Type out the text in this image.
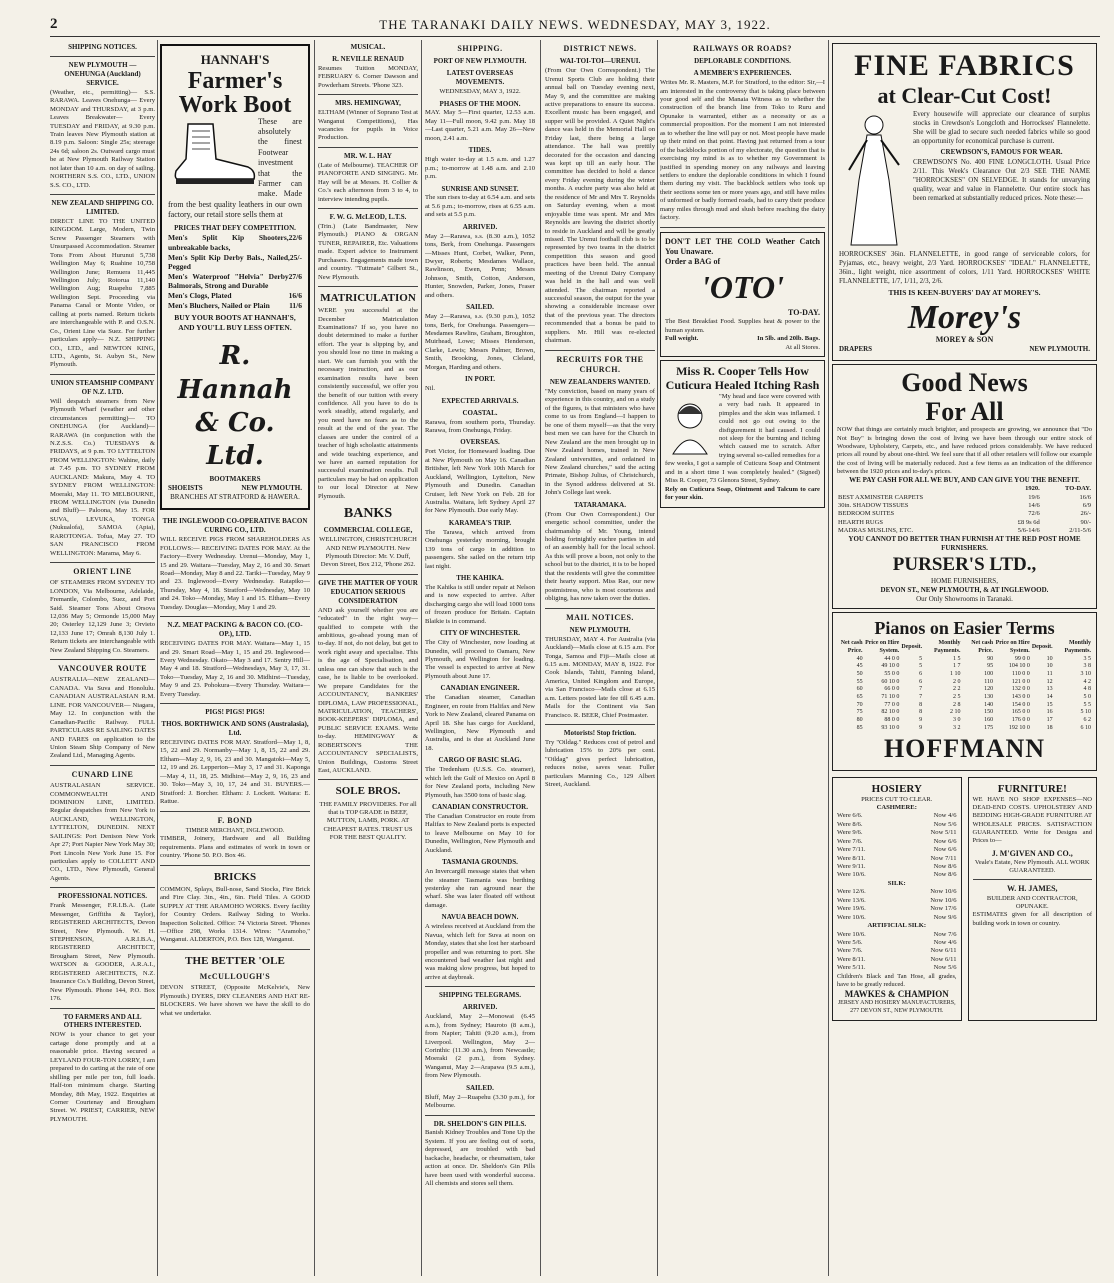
2	THE TARANAKI DAILY NEWS. WEDNESDAY, MAY 3, 1922.
SHIPPING NOTICES.
NEW PLYMOUTH — ONEHUNGA (Auckland) SERVICE.
(Weather, etc., permitting)— S.S. RARAWA. Leaves Onehunga— Every MONDAY and THURSDAY, at 3 p.m. Leaves Breakwater— Every TUESDAY and FRIDAY, at 9.30 p.m. Train leaves New Plymouth station at 8.19 p.m. Saloon: Single 25s; steerage 24s 6d; saloon 2s. Outward cargo must be at New Plymouth Railway Station not later than 10 a.m. on day of sailing. NORTHERN S.S. CO., LTD., UNION S.S. CO., LTD.
NEW ZEALAND SHIPPING CO. LIMITED.
DIRECT LINE TO THE UNITED KINGDOM. Large, Modern, Twin Screw Passenger Steamers with Unsurpassed Accommodation. Steamer Tons From About Hurunui 5,738 Wellington May 6; Ruahine 10,758 Wellington June; Remuera 11,445 Wellington July; Rotorua 11,140 Wellington Aug; Ruapehu 7,885 Wellington Sept. Proceeding via Panama Canal or Monte Video, or calling at ports named. Return tickets are interchangeable with P. and O.S.N. Co., Orient Line via Suez. For further particulars apply— N.Z. SHIPPING CO., LTD., and NEWTON KING, LTD., Agents, St. Aubyn St., New Plymouth.
UNION STEAMSHIP COMPANY OF N.Z. LTD.
Will despatch steamers from New Plymouth Wharf (weather and other circumstances permitting)— TO ONEHUNGA (for Auckland)— RARAWA (in conjunction with the N.Z.S.S. Co.) TUESDAYS & FRIDAYS, at 9 p.m. TO LYTTELTON FROM WELLINGTON: Wahine, daily at 7.45 p.m. TO SYDNEY FROM AUCKLAND: Makura, May 4. TO SYDNEY FROM WELLINGTON: Moeraki, May 11. TO MELBOURNE, FROM WELLINGTON (via Dunedin and Bluff)— Paloona, May 15. FOR SUVA, LEVUKA, TONGA (Nukualofa), SAMOA (Apia), RAROTONGA. Tofua, May 27. TO SAN FRANCISCO FROM WELLINGTON: Marama, May 6.
ORIENT LINE
OF STEAMERS FROM SYDNEY TO LONDON, Via Melbourne, Adelaide, Fremantle, Colombo, Suez, and Port Said. Steamer Tons About Orsova 12,036 May 5; Ormonde 15,000 May 20; Osterley 12,129 June 3; Orvieto 12,133 June 17; Omrah 8,130 July 1. Return tickets are interchangeable with New Zealand Shipping Co. Steamers.
VANCOUVER ROUTE
AUSTRALIA—NEW ZEALAND—CANADA. Via Suva and Honolulu. CANADIAN AUSTRALASIAN R.M. LINE. FOR VANCOUVER— Niagara, May 12. In conjunction with the Canadian-Pacific Railway. FULL PARTICULARS RE SAILING DATES AND FARES on application to the Union Steam Ship Company of New Zealand Ltd., Managing Agents.
CUNARD LINE
AUSTRALASIAN SERVICE. COMMONWEALTH AND DOMINION LINE, LIMITED. Regular despatches from New York to AUCKLAND, WELLINGTON, LYTTELTON, DUNEDIN. NEXT SAILINGS: Port Denison New York Apr 27; Port Napier New York May 30; Port Lincoln New York June 15. For particulars apply to COLLETT AND CO., LTD., New Plymouth, General Agents.
PROFESSIONAL NOTICES.
Frank Messenger, F.R.I.B.A. (Late Messenger, Griffiths & Taylor), REGISTERED ARCHITECTS, Devon Street, New Plymouth. W. H. STEPHENSON, A.R.I.B.A., REGISTERED ARCHITECT, Brougham Street, New Plymouth. WATSON & GOODER, A.R.A.I., REGISTERED ARCHITECTS, N.Z. Insurance Co.'s Building, Devon Street, New Plymouth. Phone 144, P.O. Box 176.
TO FARMERS AND ALL OTHERS INTERESTED.
NOW is your chance to get your cartage done promptly and at a reasonable price. Having secured a LEYLAND FOUR-TON LORRY, I am prepared to do carting at the rate of one shilling per mile per ton, full loads. Half-ton minimum charge. Starting Monday, 8th May, 1922. Enquiries at Corner Courtenay and Brougham Street. W. PRIEST, CARRIER, NEW PLYMOUTH.
HANNAH'S
Farmer's
Work Boot
These are absolutely the finest Footwear investment that the Farmer can make. Made from the best quality leathers in our own factory, our retail store sells them at
PRICES THAT DEFY COMPETITION.
Men's Split Kip Shooters, unbreakable backs,
22/6
Men's Split Kip Derby Bals., Nailed, Pegged
25/-
Men's Waterproof "Helvia" Derby Balmorals, Strong and Durable
27/6
Men's Clogs, Plated	16/6
Men's Bluchers, Nailed or Plain	11/6
BUY YOUR BOOTS AT HANNAH'S, AND YOU'LL BUY LESS OFTEN.
R. Hannah & Co. Ltd.
BOOTMAKERS
SHOEISTS	NEW PLYMOUTH.
BRANCHES AT STRATFORD & HAWERA.
THE INGLEWOOD CO-OPERATIVE BACON CURING CO., LTD.
WILL RECEIVE PIGS FROM SHAREHOLDERS AS FOLLOWS:— RECEIVING DATES FOR MAY. At the Factory—Every Wednesday. Urenui—Monday, May 1, 15 and 29. Waitara—Tuesday, May 2, 16 and 30. Smart Road—Monday, May 8 and 22. Tariki—Tuesday, May 9 and 23. Inglewood—Every Wednesday. Ratapiko—Thursday, May 4, 18. Stratford—Wednesday, May 10 and 24. Toko—Monday, May 1 and 15. Eltham—Every Tuesday. Douglas—Monday, May 1 and 29.
N.Z. MEAT PACKING & BACON CO. (CO-OP.), LTD.
RECEIVING DATES FOR MAY. Waitara—May 1, 15 and 29. Smart Road—May 1, 15 and 29. Inglewood—Every Wednesday. Okato—May 3 and 17. Sentry Hill—May 4 and 18. Stratford—Wednesdays, May 3, 17, 31. Toko—Tuesday, May 2, 16 and 30. Midhirst—Tuesday, May 9 and 23. Pohokura—Every Thursday. Waitara—Every Tuesday.
PIGS! PIGS! PIGS!
THOS. BORTHWICK AND SONS (Australasia), Ltd.
RECEIVING DATES FOR MAY. Stratford—May 1, 8, 15, 22 and 29. Normanby—May 1, 8, 15, 22 and 29. Eltham—May 2, 9, 16, 23 and 30. Mangatoki—May 5, 12, 19 and 26. Lepperton—May 3, 17 and 31. Kaponga—May 4, 11, 18, 25. Midhirst—May 2, 9, 16, 23 and 30. Toko—May 3, 10, 17, 24 and 31. BUYERS.— Stratford: J. Borcher. Eltham: J. Lockett. Waitara: E. Rattue.
F. BOND
TIMBER MERCHANT, INGLEWOOD.
TIMBER, Joinery, Hardware and all Building requirements. Plans and estimates of work in town or country. 'Phone 50. P.O. Box 46.
BRICKS
COMMON, Splays, Bull-nose, Sand Stocks, Fire Brick and Fire Clay. 3in., 4in., 6in. Field Tiles. A GOOD SUPPLY AT THE ARAMOHO WORKS. Every facility for Country Orders. Railway Siding to Works. Inspection Solicited. Office: 74 Victoria Street. 'Phones—Office 298, Works 1314. Wires: "Aramoho," Wanganui. ALDERTON, P.O. Box 128, Wanganui.
THE BETTER 'OLE
McCULLOUGH'S
DEVON STREET, (Opposite McKelvie's, New Plymouth.) DYERS, DRY CLEANERS AND HAT RE-BLOCKERS. We have shown we have the skill to do what we undertake.
MUSICAL.
R. NEVILLE RENAUD
Resumes Tuition MONDAY, FEBRUARY 6. Corner Dawson and Powderham Streets. 'Phone 323.
MRS. HEMINGWAY,
ELTHAM (Winner of Soprano Test at Wanganui Competitions), Has vacancies for pupils in Voice Production.
MR. W. L. HAY
(Late of Melbourne). TEACHER OF PIANOFORTE AND SINGING. Mr. Hay will be at Messrs. H. Collier & Co.'s each afternoon from 3 to 4, to interview intending pupils.
F. W. G. McLEOD, L.T.S.
(Trin.) (Late Bandmaster, New Plymouth.) PIANO & ORGAN TUNER, REPAIRER, Etc. Valuations made. Expert advice to Instrument Purchasers. Engagements made town and country. "Tuttmate" Gilbert St., New Plymouth.
MATRICULATION
WERE you successful at the December Matriculation Examinations? If so, you have no doubt determined to make a further effort. The year is slipping by, and you should lose no time in making a start. We can furnish you with the necessary instruction, and as our examination results have been consistently successful, we offer you the benefit of our tuition with every confidence. All you have to do is work steadily, attend regularly, and you need have no fears as to the result at the end of the year. The classes are under the control of a teacher of high scholastic attainments and wide teaching experience, and we have an earned reputation for successful examination results. Full particulars may be had on application to our local Director at New Plymouth.
BANKS
COMMERCIAL COLLEGE,
WELLINGTON, CHRISTCHURCH AND NEW PLYMOUTH. New Plymouth Director: Mr. V. Duff, Devon Street, Box 212, 'Phone 262.
GIVE THE MATTER OF YOUR EDUCATION SERIOUS CONSIDERATION
AND ask yourself whether you are "educated" in the right way—qualified to compete with the ambitious, go-ahead young man of to-day. If not, do not delay, but get to work right away and specialise. This is the age of Specialisation, and unless one can show that such is the case, he is liable to be overlooked. We prepare Candidates for the ACCOUNTANCY, BANKERS' DIPLOMA, LAW PROFESSIONAL, MATRICULATION, TEACHERS', BOOK-KEEPERS' DIPLOMA, and PUBLIC SERVICE EXAMS. Write to-day. HEMINGWAY & ROBERTSON'S THE ACCOUNTANCY SPECIALISTS, Union Buildings, Customs Street East, AUCKLAND.
SOLE BROS.
THE FAMILY PROVIDERS. For all that is TOP GRADE in BEEF, MUTTON, LAMB, PORK. AT CHEAPEST RATES. TRUST US FOR THE BEST QUALITY.
SHIPPING.
PORT OF NEW PLYMOUTH.
LATEST OVERSEAS MOVEMENTS.
WEDNESDAY, MAY 3, 1922.
PHASES OF THE MOON.
MAY. May 5—First quarter, 12.53 a.m. May 11—Full moon, 9.42 p.m. May 18—Last quarter, 5.21 a.m. May 26—New moon, 2.41 a.m.
TIDES.
High water to-day at 1.5 a.m. and 1.27 p.m.; to-morrow at 1.48 a.m. and 2.10 p.m.
SUNRISE AND SUNSET.
The sun rises to-day at 6.54 a.m. and sets at 5.6 p.m.; to-morrow, rises at 6.55 a.m. and sets at 5.5 p.m.
ARRIVED.
May 2—Rarawa, s.s. (8.30 a.m.), 1052 tons, Berk, from Onehunga. Passengers—Misses Hunt, Corbet, Walker, Penn, Dwyer, Roberts; Mesdames Wallace, Rawlinson, Ewen, Penn; Messrs Johnson, Smith, Cotton, Anderson, Hunter, Snowden, Parker, Jones, Fraser and others.
SAILED.
May 2—Rarawa, s.s. (9.30 p.m.), 1052 tons, Berk, for Onehunga. Passengers—Mesdames Rawlins, Graham, Broughton, Muirhead, Lowe; Misses Henderson, Clarke, Lewis; Messrs Palmer, Brown, Smith, Brooking, Jones, Cleland, Morgan, Harding and others.
IN PORT.
Nil.
EXPECTED ARRIVALS.
COASTAL.
Rarawa, from southern ports, Thursday. Rarawa, from Onehunga, Friday.
OVERSEAS.
Port Victor, for Homeward loading. Due at New Plymouth on May 16. Canadian Britisher, left New York 10th March for Auckland, Wellington, Lyttelton, New Plymouth and Dunedin. Canadian Cruiser, left New York on Feb. 28 for Australia. Waitara, left Sydney April 27 for New Plymouth. Due early May.
KARAMEA'S TRIP.
The Tarawa, which arrived from Onehunga yesterday morning, brought 139 tons of cargo in addition to passengers. She sailed on the return trip last night.
THE KAHIKA.
The Kahika is still under repair at Nelson and is now expected to arrive. After discharging cargo she will load 1000 tons of frozen produce for Britain. Captain Blaikie is in command.
CITY OF WINCHESTER.
The City of Winchester, now loading at Dunedin, will proceed to Oamaru, New Plymouth, and Wellington for loading. The vessel is expected to arrive at New Plymouth about June 17.
CANADIAN ENGINEER.
The Canadian steamer, Canadian Engineer, en route from Halifax and New York to New Zealand, cleared Panama on April 18. She has cargo for Auckland, Wellington, New Plymouth and Australia, and is due at Auckland June 18.
CARGO OF BASIC SLAG.
The Tredenham (U.S.S. Co. steamer), which left the Gulf of Mexico on April 8 for New Zealand ports, including New Plymouth, has 3500 tons of basic slag.
CANADIAN CONSTRUCTOR.
The Canadian Constructor en route from Halifax to New Zealand ports is expected to leave Melbourne on May 10 for Dunedin, Wellington, New Plymouth and Auckland.
TASMANIA GROUNDS.
An Invercargill message states that when the steamer Tasmania was berthing yesterday she ran aground near the wharf. She was later floated off without damage.
NAVUA BEACH DOWN.
A wireless received at Auckland from the Navua, which left for Suva at noon on Monday, states that she lost her starboard propeller and was returning to port. She encountered bad weather last night and was making slow progress, but hoped to arrive at daybreak.
SHIPPING TELEGRAMS.
ARRIVED.
Auckland, May 2—Monowai (6.45 a.m.), from Sydney; Hauroto (8 a.m.), from Napier; Tahiti (9.20 a.m.), from Liverpool. Wellington, May 2—Corinthic (11.30 a.m.), from Newcastle; Moeraki (2 p.m.), from Sydney. Wanganui, May 2—Arapawa (9.5 a.m.), from New Plymouth.
SAILED.
Bluff, May 2—Ruapehu (3.30 p.m.), for Melbourne.
DR. SHELDON'S GIN PILLS.
Banish Kidney Troubles and Tone Up the System. If you are feeling out of sorts, depressed, are troubled with bad backache, headache, or rheumatism, take action at once. Dr. Sheldon's Gin Pills have been used with wonderful success. All chemists and stores sell them.
DISTRICT NEWS.
WAI-TOI-TOI—URENUI.
(From Our Own Correspondent.) The Urenui Sports Club are holding their annual ball on Tuesday evening next, May 9, and the committee are making active preparations to ensure its success. Excellent music has been engaged, and supper will be provided. A Quiet Night's dance was held in the Memorial Hall on Friday last, there being a large attendance. The hall was prettily decorated for the occasion and dancing was kept up till an early hour. The committee has decided to hold a dance every Friday evening during the winter months. A euchre party was also held at the residence of Mr and Mrs T. Reynolds on Saturday evening, when a most enjoyable time was spent. Mr and Mrs Reynolds are leaving the district shortly to reside in Auckland and will be greatly missed. The Urenui football club is to be represented by two teams in the district competition this season and good practices have been held. The annual meeting of the Urenui Dairy Company was held in the hall and was well attended. The chairman reported a successful season, the output for the year showing a considerable increase over that of the previous year. The directors recommended that a bonus be paid to suppliers. Mr. Hill was re-elected chairman.
RECRUITS FOR THE CHURCH.
NEW ZEALANDERS WANTED.
"My conviction, based on many years of experience in this country, and on a study of the figures, is that ministers who have come to us from England—I happen to be one of them myself—as that the very best men we can have for the Church in New Zealand are the men brought up in New Zealand homes, trained in New Zealand universities, and ordained in New Zealand churches," said the acting Primate, Bishop Julius, of Christchurch, in the Synod address delivered at St. John's College last week.
TATARAMAKA.
(From Our Own Correspondent.) Our energetic school committee, under the chairmanship of Mr. Young, intend holding fortnightly euchre parties in aid of an assembly hall for the local school. As this will prove a boon, not only to the school but to the district, it is to be hoped that the residents will give the committee their hearty support. Miss Rae, our new postmistress, who is most courteous and obliging, has now taken over the duties.
MAIL NOTICES.
NEW PLYMOUTH.
THURSDAY, MAY 4. For Australia (via Auckland)—Mails close at 6.15 a.m. For Tonga, Samoa and Fiji—Mails close at 6.15 a.m. MONDAY, MAY 8, 1922. For Cook Islands, Tahiti, Fanning Island, America, United Kingdom and Europe, via San Francisco—Mails close at 6.15 a.m. Letters posted late fee till 6.45 a.m. Mails for the Continent via San Francisco. R. BEER, Chief Postmaster.
Motorists! Stop friction.
Try "Oildag." Reduces cost of petrol and lubrication 15% to 20% per cent. "Oildag" gives perfect lubrication, reduces noise, saves wear. Fuller particulars Manning Co., 129 Albert Street, Auckland.
RAILWAYS OR ROADS?
DEPLORABLE CONDITIONS.
A MEMBER'S EXPERIENCES.
Writes Mr. R. Masters, M.P. for Stratford, to the editor: Sir,—I am interested in the controversy that is taking place between your good self and the Manaia Witness as to whether the construction of the branch line from Toko to Ruru and Opunake is warranted, either as a necessity or as a commercial proposition. For the moment I am not interested as to whether the line will pay or not. Most people have made up their mind on that point. Having just returned from a tour of the backblocks portion of my electorate, the question that is exercising my mind is as to whether my Government is justified in spending money on any railways and leaving settlers to endure the deplorable conditions in which I found them during my visit. The backblock settlers who took up their sections some ten or more years ago, and still have miles of unformed or badly formed roads, had to carry their produce many miles through mud and slush before reaching the dairy factory.
DON'T LET THE COLD Weather Catch You Unaware.
Order a BAG of
'OTO'
TO-DAY.
The Best Breakfast Food. Supplies heat & power to the human system.
Full weight.	In 5lb. and 20lb. Bags.
At all Stores.
Miss R. Cooper Tells How Cuticura Healed Itching Rash
"My head and face were covered with a very bad rash. It appeared in pimples and the skin was inflamed. I could not go out owing to the disfigurement it had caused. I could not sleep for the burning and itching which caused me to scratch. After trying several so-called remedies for a few weeks, I got a sample of Cuticura Soap and Ointment and in a short time I was completely healed." (Signed) Miss R. Cooper, 73 Glenora Street, Sydney.
Rely on Cuticura Soap, Ointment and Talcum to care for your skin.
FINE FABRICS
at Clear-Cut Cost!
Every housewife will appreciate our clearance of surplus stocks in Crewdson's Longcloth and Horrockses' Flannelette. She will be glad to secure such needed fabrics while so good an opportunity for economical purchase is current.
CREWDSON'S, FAMOUS FOR WEAR.
CREWDSON'S No. 400 FINE LONGCLOTH. Usual Price 2/11. This Week's Clearance Out 2/3 SEE THE NAME "HORROCKSES" ON SELVEDGE. It stands for unvarying quality, wear and value in Flannelette. Our entire stock has been remarked at substantially reduced prices. Note these:—
HORROCKSES' 36in. FLANNELETTE, in good range of serviceable colors, for Pyjamas, etc., heavy weight, 2/3 Yard. HORROCKSES' "IDEAL" FLANNELETTE, 36in., light weight, nice assortment of colors, 1/11 Yard. HORROCKSES' WHITE FLANNELETTE, 1/7, 1/11, 2/3, 2/6.
THIS IS KEEN-BUYERS' DAY AT MOREY'S.
Morey's
MOREY & SON
DRAPERS	NEW PLYMOUTH.
Good News
For All
NOW that things are certainly much brighter, and prospects are growing, we announce that "Do Not Buy" is bringing down the cost of living we have been through our entire stock of Woodware, Upholstery, Carpets, etc., and have reduced prices considerably. We have reduced prices all round by about one-third. We feel sure that if all other retailers will follow our example the cost of living will be materially reduced. Just a few items as an indication of the difference between the 1920 prices and to-day's prices.
WE PAY CASH FOR ALL WE BUY, AND CAN GIVE YOU THE BENEFIT.
	1920.	TO-DAY.
BEST AXMINSTER CARPETS	19/6	16/6
30in. SHADOW TISSUES	14/6	6/9
BEDROOM SUITES	72/6	26/-
HEARTH RUGS	£8 9s 6d	90/-
MADRAS MUSLINS, ETC.	5/6-14/6	2/11-5/6
YOU CANNOT DO BETTER THAN FURNISH AT THE RED POST HOME FURNISHERS.
PURSER'S LTD.,
HOME FURNISHERS,
DEVON ST., NEW PLYMOUTH, & AT INGLEWOOD.
Our Only Showrooms in Taranaki.
Pianos on Easier Terms
Net cash Price.	Price on Hire System.	Deposit.	Monthly Payments.
40	44 0 0	5	1 5
45	49 10 0	5	1 7
50	55 0 0	6	1 10
55	60 10 0	6	2 0
60	66 0 0	7	2 2
65	71 10 0	7	2 5
70	77 0 0	8	2 8
75	82 10 0	8	2 10
80	88 0 0	9	3 0
85	93 10 0	9	3 2
Net cash Price.	Price on Hire System.	Deposit.	Monthly Payments.
90	99 0 0	10	3 5
95	104 10 0	10	3 8
100	110 0 0	11	3 10
110	121 0 0	12	4 2
120	132 0 0	13	4 8
130	143 0 0	14	5 0
140	154 0 0	15	5 5
150	165 0 0	16	5 10
160	176 0 0	17	6 2
175	192 10 0	18	6 10
HOFFMANN
HOSIERY
PRICES CUT TO CLEAR.
CASHMERE:
Were 6/6.	Now 4/6
Were 8/6.	Now 5/6
Were 9/6.	Now 5/11
Were 7/6.	Now 6/6
Were 7/11.	Now 6/6
Were 8/11.	Now 7/11
Were 9/11.	Now 8/6
Were 10/6.	Now 8/6
SILK:
Were 12/6.	Now 10/6
Were 13/6.	Now 10/6
Were 19/6.	Now 17/6
Were 10/6.	Now 9/6
ARTIFICIAL SILK:
Were 10/6.	Now 7/6
Were 5/6.	Now 4/6
Were 7/6.	Now 6/11
Were 8/11.	Now 6/11
Were 5/11.	Now 5/6
Children's Black and Tan Hose, all grades, have to be greatly reduced.
MAWKES & CHAMPION
JERSEY AND HOSIERY MANUFACTURERS,
277 DEVON ST., NEW PLYMOUTH.
FURNITURE!
WE HAVE NO SHOP EXPENSES—NO DEAD-END COSTS. UPHOLSTERY AND BEDDING HIGH-GRADE FURNITURE AT WHOLESALE PRICES. SATISFACTION GUARANTEED. Write for Designs and Prices to—
J. M'GIVEN AND CO.,
Veale's Estate, New Plymouth. ALL WORK GUARANTEED.
W. H. JAMES,
BUILDER AND CONTRACTOR, OPUNAKE.
ESTIMATES given for all description of building work in town or country.
